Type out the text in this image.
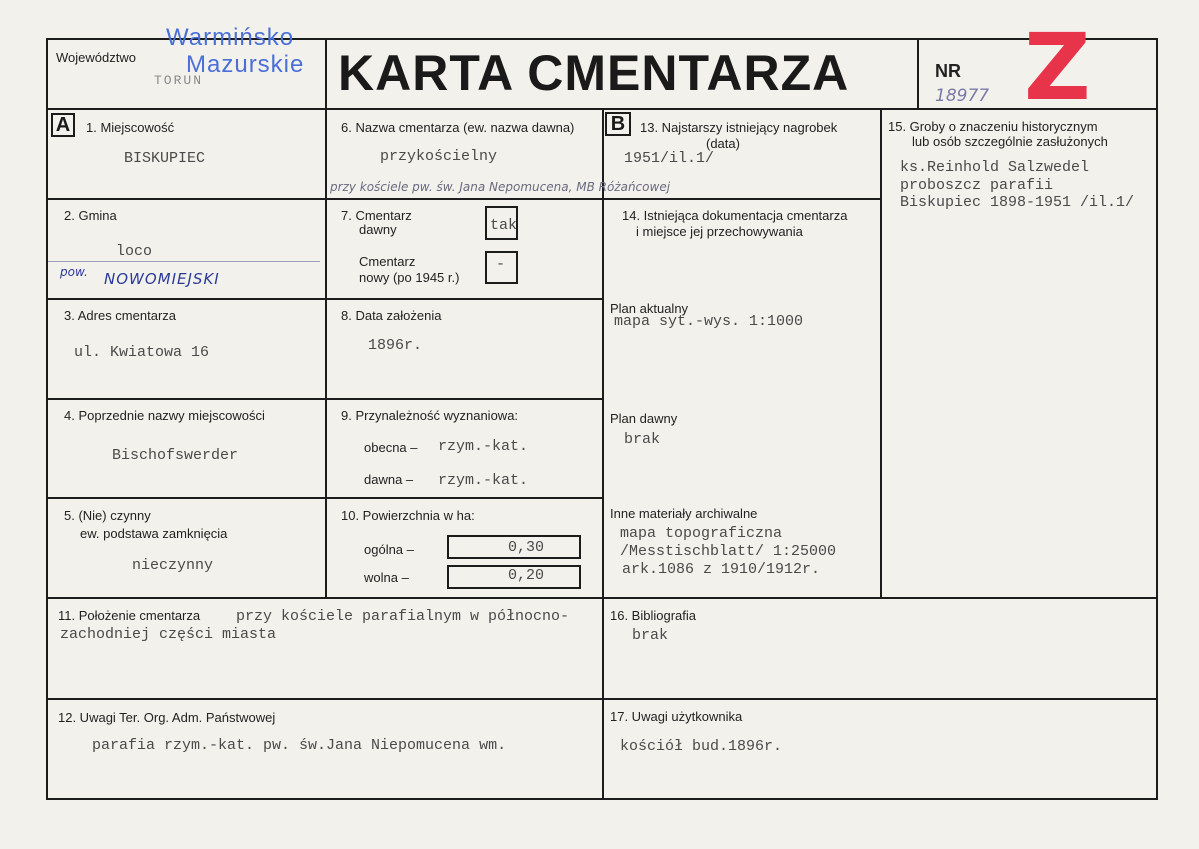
Województwo
TORUN
Warmińsko
Mazurskie KARTA CMENTARZA	NR
18977 Z
A	1. Miejscowość
BISKUPIEC
2. Gmina
loco
pow. NOWOMIEJSKI
3. Adres cmentarza
ul. Kwiatowa 16
4. Poprzednie nazwy miejscowości
Bischofswerder
5. (Nie) czynny
ew. podstawa zamknięcia
nieczynny
6. Nazwa cmentarza (ew. nazwa dawna)
przykościelny
przy kościele pw. św. Jana Nepomucena, MB Różańcowej
7. Cmentarz
dawny	tak
Cmentarz
nowy (po 1945 r.)
-
8. Data założenia
1896r.
9. Przynależność wyznaniowa:
obecna – rzym.-kat.
dawna – rzym.-kat.
10. Powierzchnia w ha:
ogólna –	0,30
wolna –	0,20
11. Położenie cmentarza przy kościele parafialnym w północno-
zachodniej części miasta
12. Uwagi Ter. Org. Adm. Państwowej
parafia rzym.-kat. pw. św.Jana Niepomucena wm.
B	13. Najstarszy istniejący nagrobek
(data)
1951/il.1/
14. Istniejąca dokumentacja cmentarza
i miejsce jej przechowywania
Plan aktualny
mapa syt.-wys. 1:1000
Plan dawny
brak
Inne materiały archiwalne
mapa topograficzna
/Messtischblatt/ 1:25000
ark.1086 z 1910/1912r.
15. Groby o znaczeniu historycznym
lub osób szczególnie zasłużonych
ks.Reinhold Salzwedel
proboszcz parafii
Biskupiec 1898-1951 /il.1/
16. Bibliografia
brak
17. Uwagi użytkownika
kościół bud.1896r.
